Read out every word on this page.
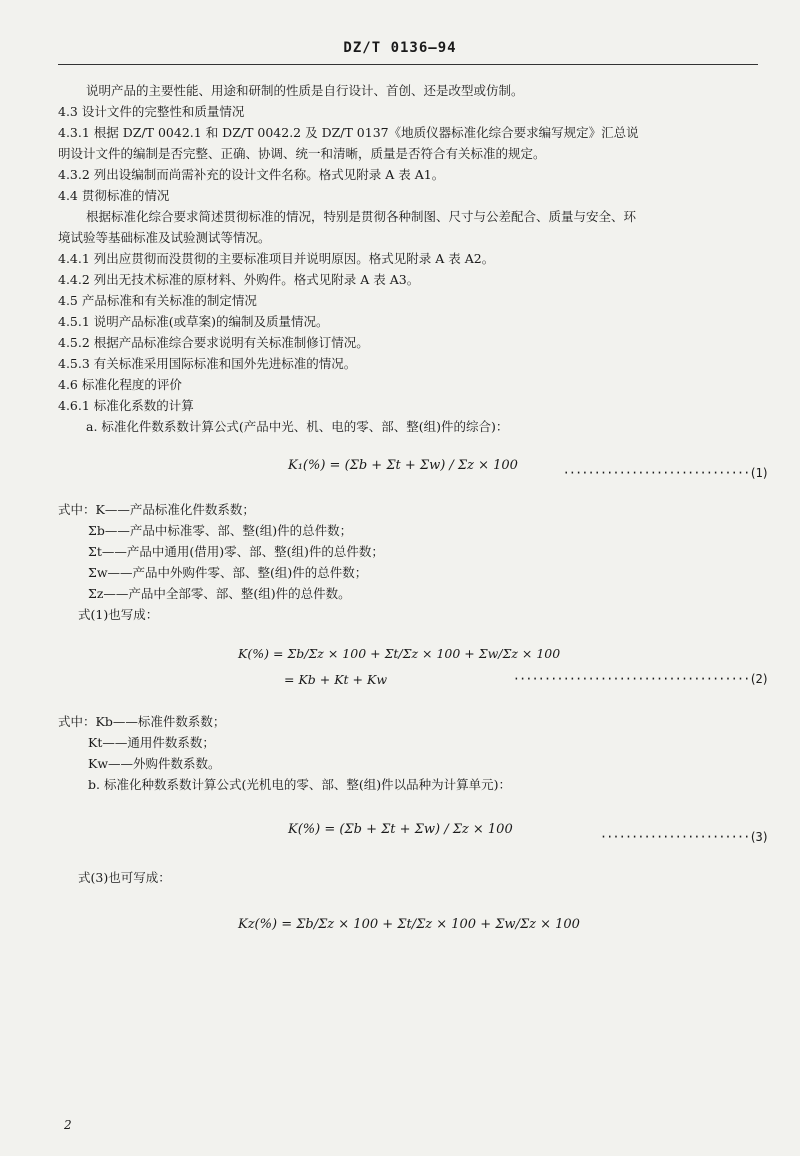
DZ/T 0136—94

说明产品的主要性能、用途和研制的性质是自行设计、首创、还是改型或仿制。

4.3 设计文件的完整性和质量情况

4.3.1 根据 DZ/T 0042.1 和 DZ/T 0042.2 及 DZ/T 0137《地质仪器标准化综合要求编写规定》汇总说

明设计文件的编制是否完整、正确、协调、统一和清晰，质量是否符合有关标准的规定。

4.3.2 列出设编制而尚需补充的设计文件名称。格式见附录 A 表 A1。

4.4 贯彻标准的情况

根据标准化综合要求简述贯彻标准的情况，特别是贯彻各种制图、尺寸与公差配合、质量与安全、环

境试验等基础标准及试验测试等情况。

4.4.1 列出应贯彻而没贯彻的主要标准项目并说明原因。格式见附录 A 表 A2。

4.4.2 列出无技术标准的原材料、外购件。格式见附录 A 表 A3。

4.5 产品标准和有关标准的制定情况

4.5.1 说明产品标准(或草案)的编制及质量情况。

4.5.2 根据产品标准综合要求说明有关标准制修订情况。

4.5.3 有关标准采用国际标准和国外先进标准的情况。

4.6 标准化程度的评价

4.6.1 标准化系数的计算

a. 标准化件数系数计算公式(产品中光、机、电的零、部、整(组)件的综合)：

K₁(%) = (Σb + Σt + Σw) / Σz × 100	······························(1)

式中：K——产品标准化件数系数；

Σb——产品中标准零、部、整(组)件的总件数；

Σt——产品中通用(借用)零、部、整(组)件的总件数；

Σw——产品中外购件零、部、整(组)件的总件数；

Σz——产品中全部零、部、整(组)件的总件数。

式(1)也写成：

K(%) = Σb/Σz × 100 + Σt/Σz × 100 + Σw/Σz × 100
= Kb + Kt + Kw	······································(2)

式中：Kb——标准件数系数；

Kt——通用件数系数；

Kw——外购件数系数。

b. 标准化种数系数计算公式(光机电的零、部、整(组)件以品种为计算单元)：

K(%) = (Σb + Σt + Σw) / Σz × 100	························(3)

式(3)也可写成：

Kz(%) = Σb/Σz × 100 + Σt/Σz × 100 + Σw/Σz × 100
2
